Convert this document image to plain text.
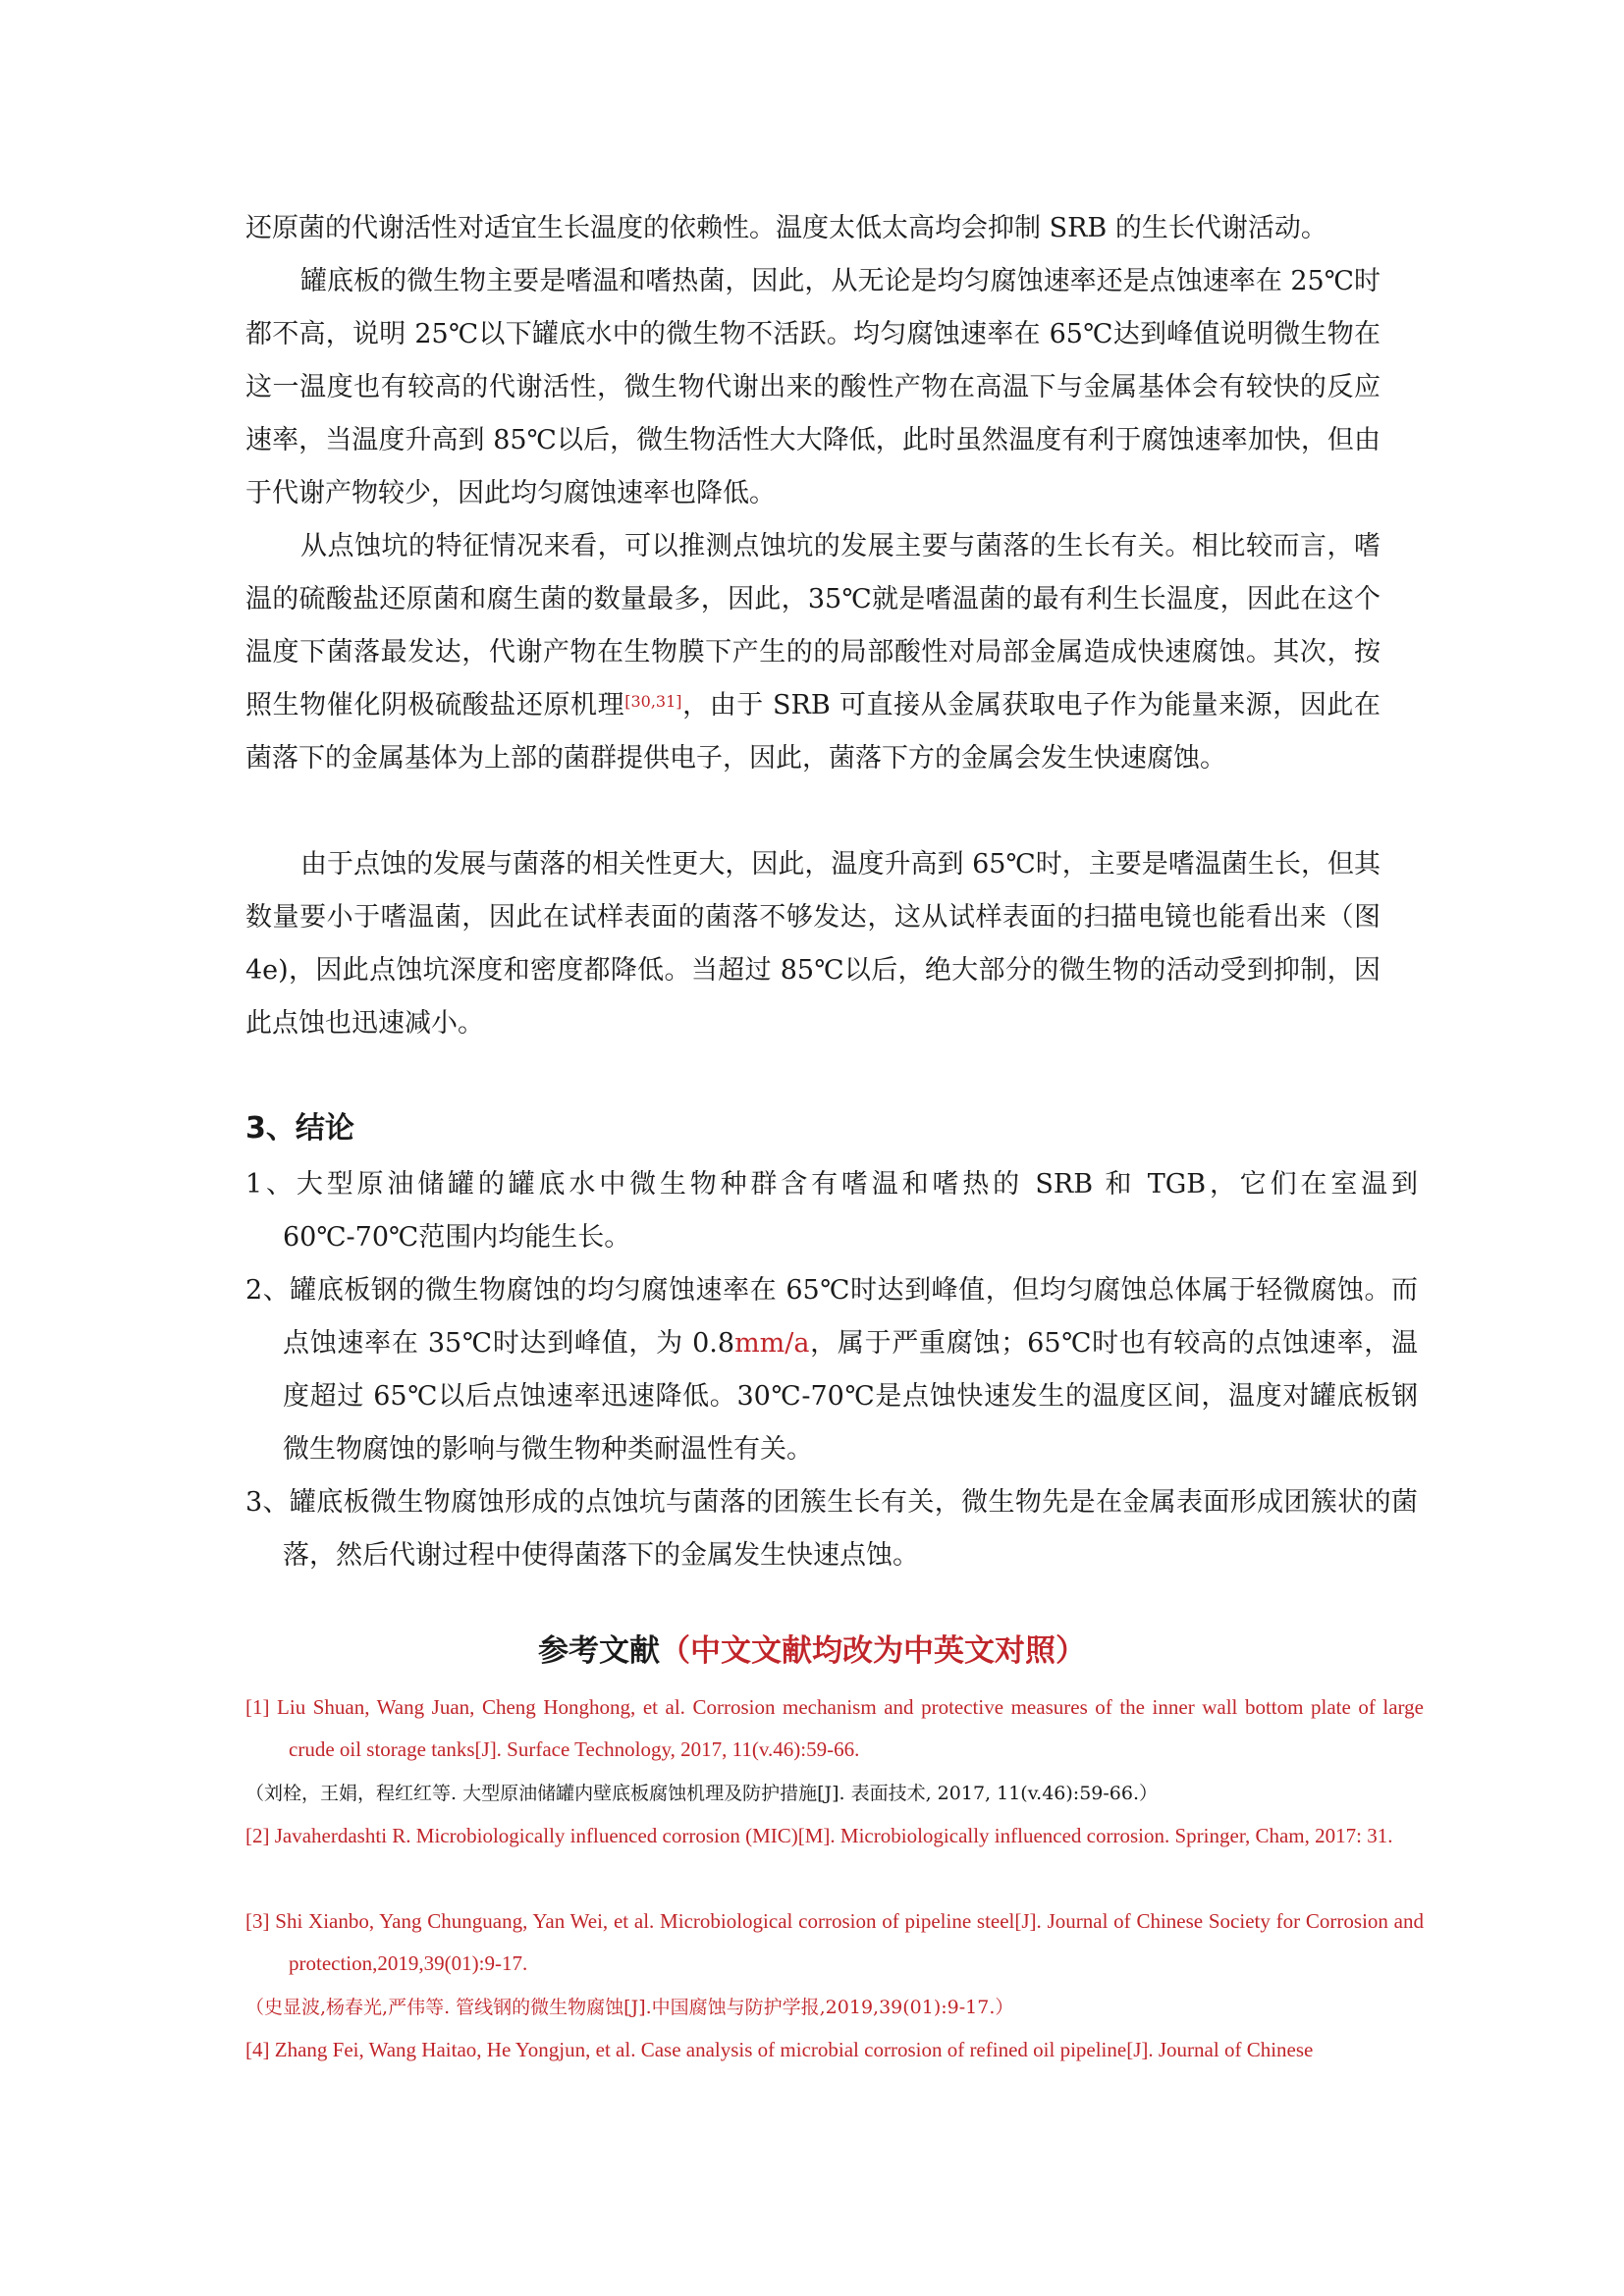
还原菌的代谢活性对适宜生长温度的依赖性。温度太低太高均会抑制 SRB 的生长代谢活动。

罐底板的微生物主要是嗜温和嗜热菌，因此，从无论是均匀腐蚀速率还是点蚀速率在 25℃时都不高，说明 25℃以下罐底水中的微生物不活跃。均匀腐蚀速率在 65℃达到峰值说明微生物在这一温度也有较高的代谢活性，微生物代谢出来的酸性产物在高温下与金属基体会有较快的反应速率，当温度升高到 85℃以后，微生物活性大大降低，此时虽然温度有利于腐蚀速率加快，但由于代谢产物较少，因此均匀腐蚀速率也降低。

从点蚀坑的特征情况来看，可以推测点蚀坑的发展主要与菌落的生长有关。相比较而言，嗜温的硫酸盐还原菌和腐生菌的数量最多，因此，35℃就是嗜温菌的最有利生长温度，因此在这个温度下菌落最发达，代谢产物在生物膜下产生的的局部酸性对局部金属造成快速腐蚀。其次，按照生物催化阴极硫酸盐还原机理[30,31]，由于 SRB 可直接从金属获取电子作为能量来源，因此在菌落下的金属基体为上部的菌群提供电子，因此，菌落下方的金属会发生快速腐蚀。

由于点蚀的发展与菌落的相关性更大，因此，温度升高到 65℃时，主要是嗜温菌生长，但其数量要小于嗜温菌，因此在试样表面的菌落不够发达，这从试样表面的扫描电镜也能看出来（图 4e)，因此点蚀坑深度和密度都降低。当超过 85℃以后，绝大部分的微生物的活动受到抑制，因此点蚀也迅速减小。

3、结论

1、大型原油储罐的罐底水中微生物种群含有嗜温和嗜热的 SRB 和 TGB，它们在室温到 60℃-70℃范围内均能生长。

2、罐底板钢的微生物腐蚀的均匀腐蚀速率在 65℃时达到峰值，但均匀腐蚀总体属于轻微腐蚀。而点蚀速率在 35℃时达到峰值，为 0.8mm/a，属于严重腐蚀；65℃时也有较高的点蚀速率，温度超过 65℃以后点蚀速率迅速降低。30℃-70℃是点蚀快速发生的温度区间，温度对罐底板钢微生物腐蚀的影响与微生物种类耐温性有关。

3、罐底板微生物腐蚀形成的点蚀坑与菌落的团簇生长有关，微生物先是在金属表面形成团簇状的菌落，然后代谢过程中使得菌落下的金属发生快速点蚀。

参考文献（中文文献均改为中英文对照）

[1] Liu Shuan, Wang Juan, Cheng Honghong, et al. Corrosion mechanism and protective measures of the inner wall bottom plate of large crude oil storage tanks[J]. Surface Technology, 2017, 11(v.46):59-66.

（刘栓，王娟，程红红等. 大型原油储罐内壁底板腐蚀机理及防护措施[J]. 表面技术, 2017, 11(v.46):59-66.）

[2] Javaherdashti R. Microbiologically influenced corrosion (MIC)[M]. Microbiologically influenced corrosion. Springer, Cham, 2017: 31.

[3] Shi Xianbo, Yang Chunguang, Yan Wei, et al. Microbiological corrosion of pipeline steel[J]. Journal of Chinese Society for Corrosion and protection,2019,39(01):9-17.

（史显波,杨春光,严伟等. 管线钢的微生物腐蚀[J].中国腐蚀与防护学报,2019,39(01):9-17.）

[4] Zhang Fei, Wang Haitao, He Yongjun, et al. Case analysis of microbial corrosion of refined oil pipeline[J]. Journal of Chinese
